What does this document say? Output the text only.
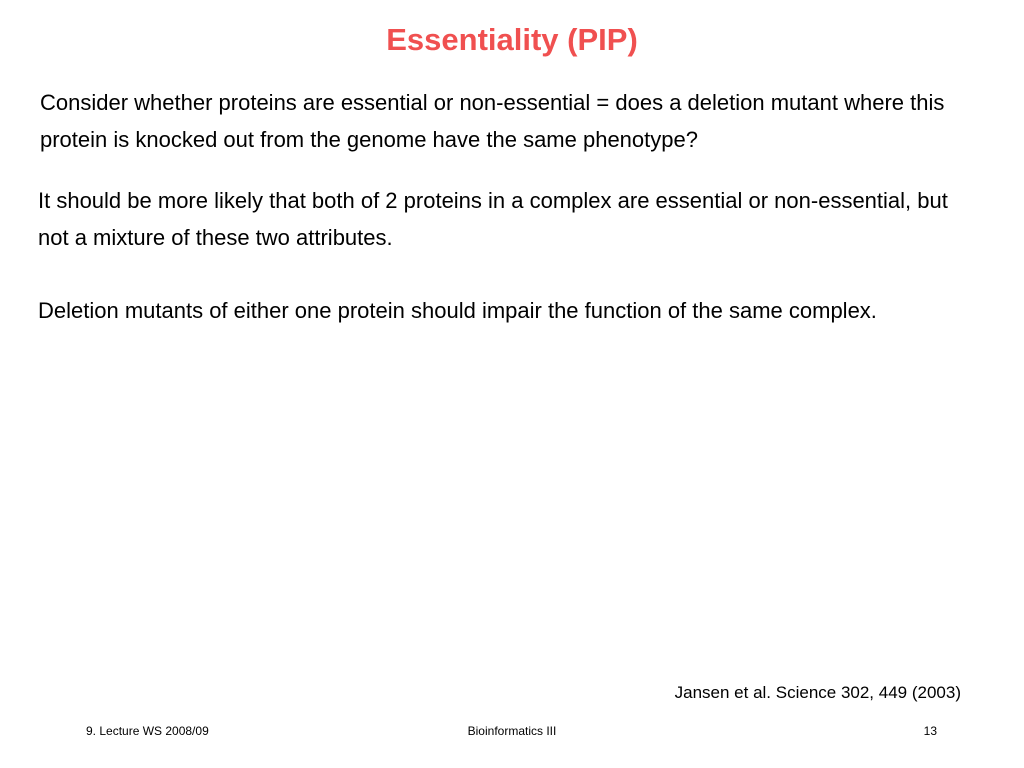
Essentiality (PIP)

Consider whether proteins are essential or non-essential = does a deletion mutant where this protein is knocked out from the genome have the same phenotype?

It should be more likely that both of 2 proteins in a complex are essential or non-essential, but not a mixture of these two attributes.

Deletion mutants of either one protein should impair the function of the same complex.

Jansen et al. Science 302, 449 (2003)

Bioinformatics III

9. Lecture WS 2008/09	13
